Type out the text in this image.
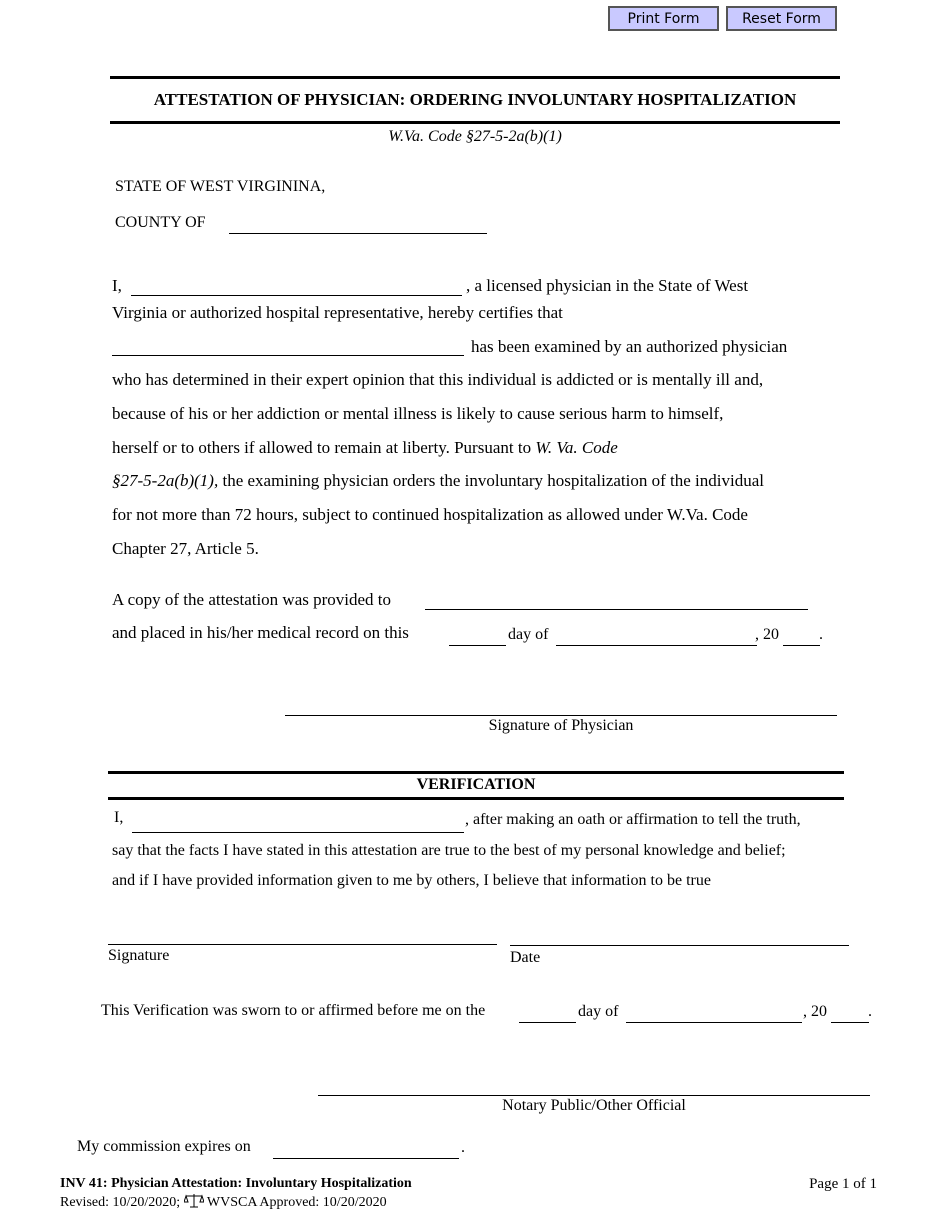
Print Form	Reset Form
ATTESTATION OF PHYSICIAN: ORDERING INVOLUNTARY HOSPITALIZATION
W.Va. Code §27-5-2a(b)(1)
STATE OF WEST VIRGININA,
COUNTY OF
I,	, a licensed physician in the State of West
Virginia or authorized hospital representative, hereby certifies that
has been examined by an authorized physician
who has determined in their expert opinion that this individual is addicted or is mentally ill and,
because of his or her addiction or mental illness is likely to cause serious harm to himself,
herself or to others if allowed to remain at liberty. Pursuant to W. Va. Code
§27-5-2a(b)(1), the examining physician orders the involuntary hospitalization of the individual
for not more than 72 hours, subject to continued hospitalization as allowed under W.Va. Code
Chapter 27, Article 5.
A copy of the attestation was provided to
and placed in his/her medical record on this	day of	, 20	.
Signature of Physician
VERIFICATION
I,	, after making an oath or affirmation to tell the truth,
say that the facts I have stated in this attestation are true to the best of my personal knowledge and belief;
and if I have provided information given to me by others, I believe that information to be true
Signature	Date
This Verification was sworn to or affirmed before me on the	day of	, 20	.
Notary Public/Other Official
My commission expires on	.
INV 41: Physician Attestation: Involuntary Hospitalization
Revised: 10/20/2020; WVSCA Approved: 10/20/2020
Page 1 of 1
